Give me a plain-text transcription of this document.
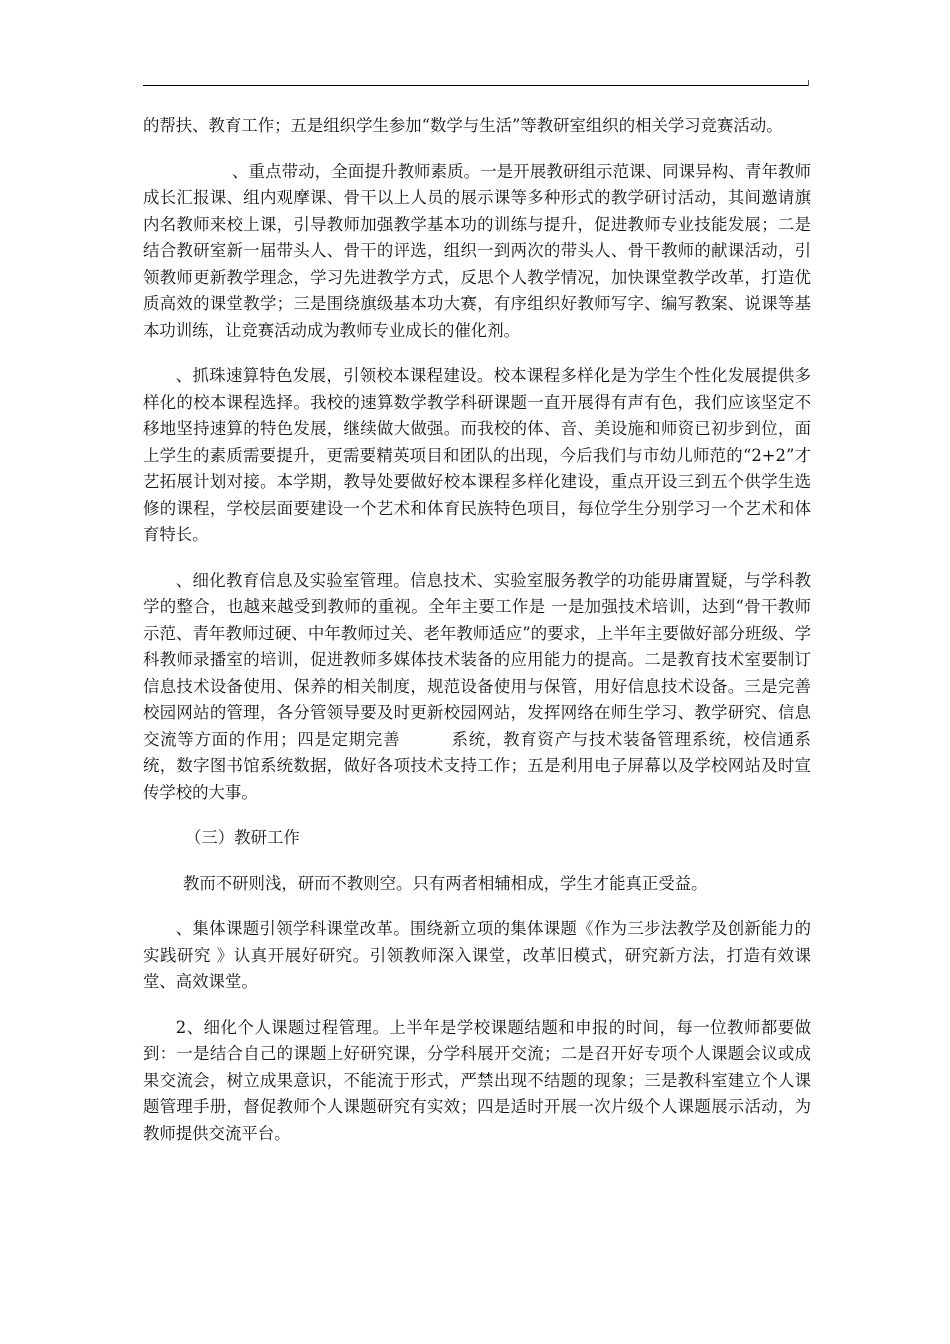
的帮扶、教育工作；五是组织学生参加“数学与生活”等教研室组织的相关学习竞赛活动。

、重点带动，全面提升教师素质。一是开展教研组示范课、同课异构、青年教师成长汇报课、组内观摩课、骨干以上人员的展示课等多种形式的教学研讨活动，其间邀请旗内名教师来校上课，引导教师加强教学基本功的训练与提升，促进教师专业技能发展；二是结合教研室新一届带头人、骨干的评选，组织一到两次的带头人、骨干教师的献课活动，引领教师更新教学理念，学习先进教学方式，反思个人教学情况，加快课堂教学改革，打造优质高效的课堂教学；三是围绕旗级基本功大赛，有序组织好教师写字、编写教案、说课等基本功训练，让竞赛活动成为教师专业成长的催化剂。

、抓珠速算特色发展，引领校本课程建设。校本课程多样化是为学生个性化发展提供多样化的校本课程选择。我校的速算数学教学科研课题一直开展得有声有色，我们应该坚定不移地坚持速算的特色发展，继续做大做强。而我校的体、音、美设施和师资已初步到位，面上学生的素质需要提升，更需要精英项目和团队的出现，今后我们与市幼儿师范的“2+2”才艺拓展计划对接。本学期，教导处要做好校本课程多样化建设，重点开设三到五个供学生选修的课程，学校层面要建设一个艺术和体育民族特色项目，每位学生分别学习一个艺术和体育特长。

、细化教育信息及实验室管理。信息技术、实验室服务教学的功能毋庸置疑，与学科教学的整合，也越来越受到教师的重视。全年主要工作是 一是加强技术培训，达到“骨干教师示范、青年教师过硬、中年教师过关、老年教师适应”的要求，上半年主要做好部分班级、学科教师录播室的培训，促进教师多媒体技术装备的应用能力的提高。二是教育技术室要制订信息技术设备使用、保养的相关制度，规范设备使用与保管，用好信息技术设备。三是完善校园网站的管理，各分管领导要及时更新校园网站，发挥网络在师生学习、教学研究、信息交流等方面的作用；四是定期完善　　　系统，教育资产与技术装备管理系统，校信通系统，数字图书馆系统数据，做好各项技术支持工作；五是利用电子屏幕以及学校网站及时宣传学校的大事。

（三）教研工作

教而不研则浅，研而不教则空。只有两者相辅相成，学生才能真正受益。

、集体课题引领学科课堂改革。围绕新立项的集体课题《作为三步法教学及创新能力的实践研究 》认真开展好研究。引领教师深入课堂，改革旧模式，研究新方法，打造有效课堂、高效课堂。

2、细化个人课题过程管理。上半年是学校课题结题和申报的时间，每一位教师都要做到：一是结合自己的课题上好研究课，分学科展开交流；二是召开好专项个人课题会议或成果交流会，树立成果意识，不能流于形式，严禁出现不结题的现象；三是教科室建立个人课题管理手册，督促教师个人课题研究有实效；四是适时开展一次片级个人课题展示活动，为教师提供交流平台。
